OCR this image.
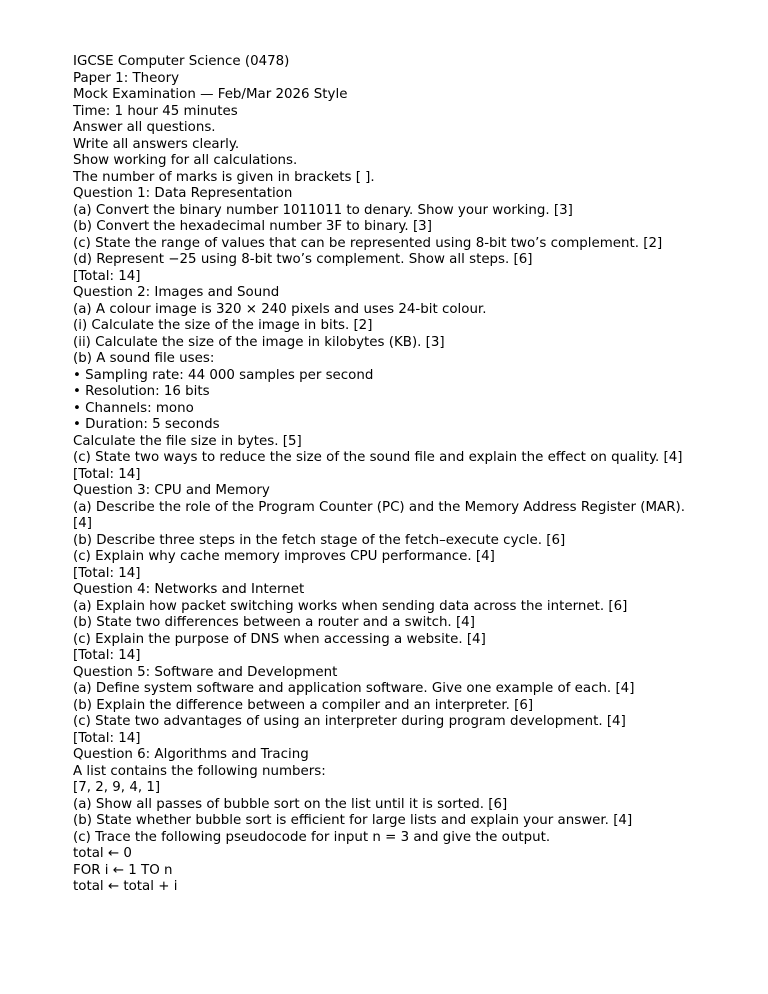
IGCSE Computer Science (0478)

Paper 1: Theory

Mock Examination — Feb/Mar 2026 Style

Time: 1 hour 45 minutes

Answer all questions.

Write all answers clearly.

Show working for all calculations.

The number of marks is given in brackets [ ].

Question 1: Data Representation

(a) Convert the binary number 1011011 to denary. Show your working. [3]

(b) Convert the hexadecimal number 3F to binary. [3]

(c) State the range of values that can be represented using 8-bit two’s complement. [2]

(d) Represent −25 using 8-bit two’s complement. Show all steps. [6]

[Total: 14]

Question 2: Images and Sound

(a) A colour image is 320 × 240 pixels and uses 24-bit colour.

(i) Calculate the size of the image in bits. [2]

(ii) Calculate the size of the image in kilobytes (KB). [3]

(b) A sound file uses:

• Sampling rate: 44 000 samples per second

• Resolution: 16 bits

• Channels: mono

• Duration: 5 seconds

Calculate the file size in bytes. [5]

(c) State two ways to reduce the size of the sound file and explain the effect on quality. [4]

[Total: 14]

Question 3: CPU and Memory

(a) Describe the role of the Program Counter (PC) and the Memory Address Register (MAR). [4]

(b) Describe three steps in the fetch stage of the fetch–execute cycle. [6]

(c) Explain why cache memory improves CPU performance. [4]

[Total: 14]

Question 4: Networks and Internet

(a) Explain how packet switching works when sending data across the internet. [6]

(b) State two differences between a router and a switch. [4]

(c) Explain the purpose of DNS when accessing a website. [4]

[Total: 14]

Question 5: Software and Development

(a) Define system software and application software. Give one example of each. [4]

(b) Explain the difference between a compiler and an interpreter. [6]

(c) State two advantages of using an interpreter during program development. [4]

[Total: 14]

Question 6: Algorithms and Tracing

A list contains the following numbers:

[7, 2, 9, 4, 1]

(a) Show all passes of bubble sort on the list until it is sorted. [6]

(b) State whether bubble sort is efficient for large lists and explain your answer. [4]

(c) Trace the following pseudocode for input n = 3 and give the output.

total ← 0

FOR i ← 1 TO n

total ← total + i
